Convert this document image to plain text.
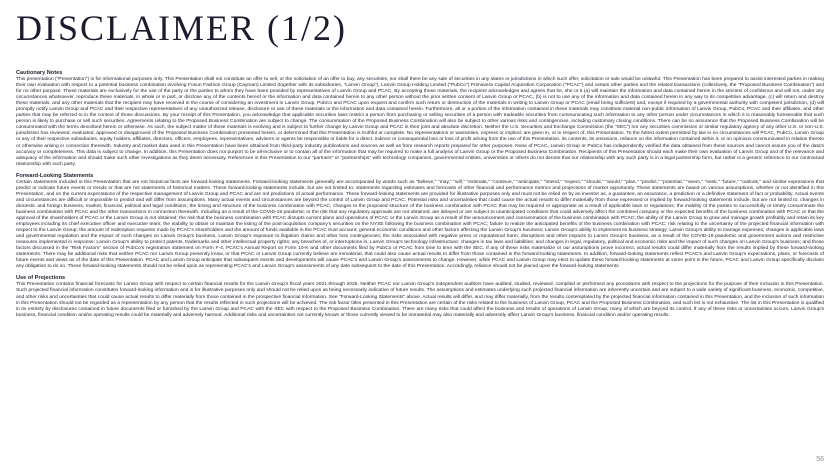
DISCLAIMER (1/2)

Cautionary Notes

This presentation ("Presentation") is for informational purposes only. This Presentation shall not constitute an offer to sell, or the solicitation of an offer to buy, any securities, nor shall there be any sale of securities in any states or jurisdictions in which such offer, solicitation or sale would be unlawful. This Presentation has been prepared to assist interested parties in making their own evaluation with respect to a potential business combination involving Fosun Fashion Group (Cayman) Limited (together with its subsidiaries, "Lanvin Group"), Lanvin Group Holding Limited ("PubCo") Primavera Capital Acquisition Corporation ("PCAC") and certain other parties and the related transactions (collectively, the "Proposed Business Combination") and for no other purpose. These materials are exclusively for the use of the party or the parties to whom they have been provided by representatives of Lanvin Group and PCAC. By accepting these materials, the recipient acknowledges and agrees that he, she or it (a) will maintain the information and data contained herein in the strictest of confidence and will not, under any circumstances whatsoever, reproduce these materials, in whole or in part, or disclose any of the contents hereof or the information and data contained herein to any other person without the prior written consent of Lanvin Group or PCAC, (b) is not to use any of the information and data contained herein in any way to its competitive advantage, (c) will return and destroy these materials, and any other materials that the recipient may have received in the course of considering an investment in Lanvin Group, PubCo and PCAC upon request and confirm such return or destruction of the materials in writing to Lanvin Group or PCAC (email being sufficient) and, except if required by a governmental authority with competent jurisdiction, (d) will promptly notify Lanvin Group and PCAC and their respective representatives of any unauthorized release, disclosure or use of these materials or the information and data contained herein. Furthermore, all or a portion of the information contained in these materials may constitute material non-public information of Lanvin Group, PubCo, PCAC and their affiliates, and other parties that may be referred to in the context of those discussions. By your receipt of this Presentation, you acknowledge that applicable securities laws restrict a person from purchasing or selling securities of a person with tradeable securities from communicating such information to any other person under circumstances in which it is reasonably foreseeable that such person is likely to purchase or sell such securities. Agreements relating to the Proposed Business Combination are subject to change. The consummation of the Proposed Business Combination will also be subject to other various risks and contingencies, including customary closing conditions. There can be no assurance that the Proposed Business Combination will be consummated with the terms described herein or otherwise. As such, the subject matter of these materials is evolving and is subject to further change by Lanvin Group and PCAC in their joint and absolute discretion. Neither the U.S. Securities and Exchange Commission (the "SEC") nor any securities commission or similar regulatory agency of any other U.S. or non-U.S. jurisdiction has reviewed, evaluated, approved or disapproved of the Proposed Business Combination presented herein, or determined that this Presentation is truthful or complete. No representations or warranties, express or implied, are given in, or in respect of, this Presentation. To the fullest extent permitted by law in no circumstances will PCAC, PubCo, Lanvin Group or any of their respective subsidiaries, equity holders, affiliates, directors, officers, employees, representatives, advisers or agents be responsible or liable for a direct, indirect or consequential loss or loss of profit arising from the use of this Presentation, its contents, its omissions, reliance on the information contained within it, or on opinions communicated in relation thereto or otherwise arising in connection therewith. Industry and market data used in this Presentation have been obtained from third-party industry publications and sources as well as from research reports prepared for other purposes. None of PCAC, Lanvin Group or PubCo has independently verified the data obtained from these sources and cannot assure you of the data's accuracy or completeness. This data is subject to change. In addition, this Presentation does not purport to be all-inclusive or to contain all of the information that may be required to make a full analysis of Lanvin Group or the Proposed Business Combination. Recipients of this Presentation should each make their own evaluation of Lanvin Group and of the relevance and adequacy of the information and should make such other investigations as they deem necessary. References in this Presentation to our "partners" or "partnerships" with technology companies, governmental entities, universities or others do not denote that our relationship with any such party is in a legal partnership form, but rather is a generic reference to our contractual relationship with such party.

Forward-Looking Statements

Certain statements included in this Presentation that are not historical facts are forward-looking statements. Forward-looking statements generally are accompanied by words such as "believe," "may," "will," "estimate," "continue," "anticipate," "intend," "expect," "should," "would," "plan," "predict," "potential," "seem," "seek," "future," "outlook," and similar expressions that predict or indicate future events or trends or that are not statements of historical matters. These forward-looking statements include, but are not limited to, statements regarding estimates and forecasts of other financial and performance metrics and projections of market opportunity. These statements are based on various assumptions, whether or not identified in this Presentation, and on the current expectations of the respective management of Lanvin Group and PCAC and are not predictions of actual performance. These forward-looking statements are provided for illustrative purposes only and must not be relied on by an investor as, a guarantee, an assurance, a prediction or a definitive statement of fact or probability. Actual events and circumstances are difficult or impossible to predict and will differ from assumptions. Many actual events and circumstances are beyond the control of Lanvin Group and PCAC. Potential risks and uncertainties that could cause the actual results to differ materially from those expressed or implied by forward-looking statements include, but are not limited to, changes in domestic and foreign business, market, financial, political and legal conditions; the timing and structure of the business combination with PCAC; changes to the proposed structure of the business combination with PCAC that may be required or appropriate as a result of applicable laws or regulations; the inability of the parties to successfully or timely consummate the business combination with PCAC and the other transactions in connection therewith, including as a result of the COVID-19 pandemic or the risk that any regulatory approvals are not obtained, are delayed or are subject to unanticipated conditions that could adversely affect the combined company or the expected benefits of the business combination with PCAC or that the approval of the shareholders of PCAC or the Lanvin Group is not obtained; the risk that the business combination with PCAC disrupts current plans and operations of PCAC or the Lanvin Group as a result of the announcement and consummation of the business combination with PCAC; the ability of the Lanvin Group to grow and manage growth profitably and retain its key employees including its chief executive officer and executive team; the inability to obtain or maintain the listing of the post-acquisition company's securities on the NYSE following the business combination with PCAC; failure to realize the anticipated benefits of the business combination with PCAC; risk relating to the uncertainty of the projected financial information with respect to the Lanvin Group; the amount of redemption requests made by PCAC's shareholders and the amount of funds available in the PCAC trust account; general economic conditions and other factors affecting the Lanvin Group's business; Lanvin Group's ability to implement its business strategy; Lanvin Group's ability to manage expenses; changes in applicable laws and governmental regulation and the impact of such changes on Lanvin Group's business, Lanvin Group's exposure to litigation claims and other loss contingencies; the risks associated with negative press or reputational harm; disruptions and other impacts to Lanvin Group's business, as a result of the COVID-19 pandemic and government actions and restrictive measures implemented in response; Lanvin Group's ability to protect patents, trademarks and other intellectual property rights; any breaches of, or interruptions in, Lanvin Group's technology infrastructure; changes in tax laws and liabilities; and changes in legal, regulatory, political and economic risks and the impact of such changes on Lanvin Group's business; and those factors discussed in the "Risk Factors" section of PubCo's registration statement on Form F-4, PCAC's Annual Report on Form 10-K and other documents filed by PubCo or PCAC from time to time with the SEC. If any of these risks materialize or our assumptions prove incorrect, actual results could differ materially from the results implied by these forward-looking statements. There may be additional risks that neither PCAC nor Lanvin Group presently know, or that PCAC or Lanvin Group currently believe are immaterial, that could also cause actual results to differ from those contained in the forward-looking statements. In addition, forward-looking statements reflect PCAC's and Lanvin Group's expectations, plans, or forecasts of future events and views as of the date of this Presentation. PCAC and Lanvin Group anticipate that subsequent events and developments will cause PCAC's and Lanvin Group's assessments to change. However, while PCAC and Lanvin Group may elect to update these forward-looking statements at some point in the future, PCAC and Lanvin Group specifically disclaim any obligation to do so. These forward-looking statements should not be relied upon as representing PCAC's and Lanvin Group's assessments of any date subsequent to the date of this Presentation. Accordingly, reliance should not be placed upon the forward-looking statements.

Use of Projections

This Presentation contains financial forecasts for Lanvin Group with respect to certain financial results for the Lanvin Group's fiscal years 2021 through 2025. Neither PCAC nor Lanvin Group's independent auditors have audited, studied, reviewed, compiled or performed any procedures with respect to the projections for the purpose of their inclusion in this Presentation. Such projected financial information constitutes forward-looking information and is for illustrative purposes only and should not be relied upon as being necessarily indicative of future results. The assumptions and estimates underlying such projected financial information are inherently uncertain and are subject to a wide variety of significant business, economic, competitive, and other risks and uncertainties that could cause actual results to differ materially from those contained in the prospective financial information. See "Forward-Looking Statements" above. Actual results will differ, and may differ materially, from the results contemplated by the projected financial information contained in this Presentation, and the inclusion of such information in this Presentation should not be regarded as a representation by any person that the results reflected in such projections will be achieved. The risk factor titles presented in this Presentation are certain of the risks related to the business of Lanvin Group, PCAC and the Proposed Business Combination, and such list is not exhaustive. The list in this Presentation is qualified in its entirety by disclosures contained in future documents filed or furnished by the Lanvin Group and PCAC with the SEC with respect to the Proposed Business Combination. There are many risks that could affect the business and results of operations of Lanvin Group, many of which are beyond its control. If any of these risks or uncertainties occurs, Lanvin Group's business, financial condition and/or operating results could be materially and adversely harmed. Additional risks and uncertainties not currently known or those currently viewed to be immaterial may also materially and adversely affect Lanvin Group's business, financial condition and/or operating results.

56
